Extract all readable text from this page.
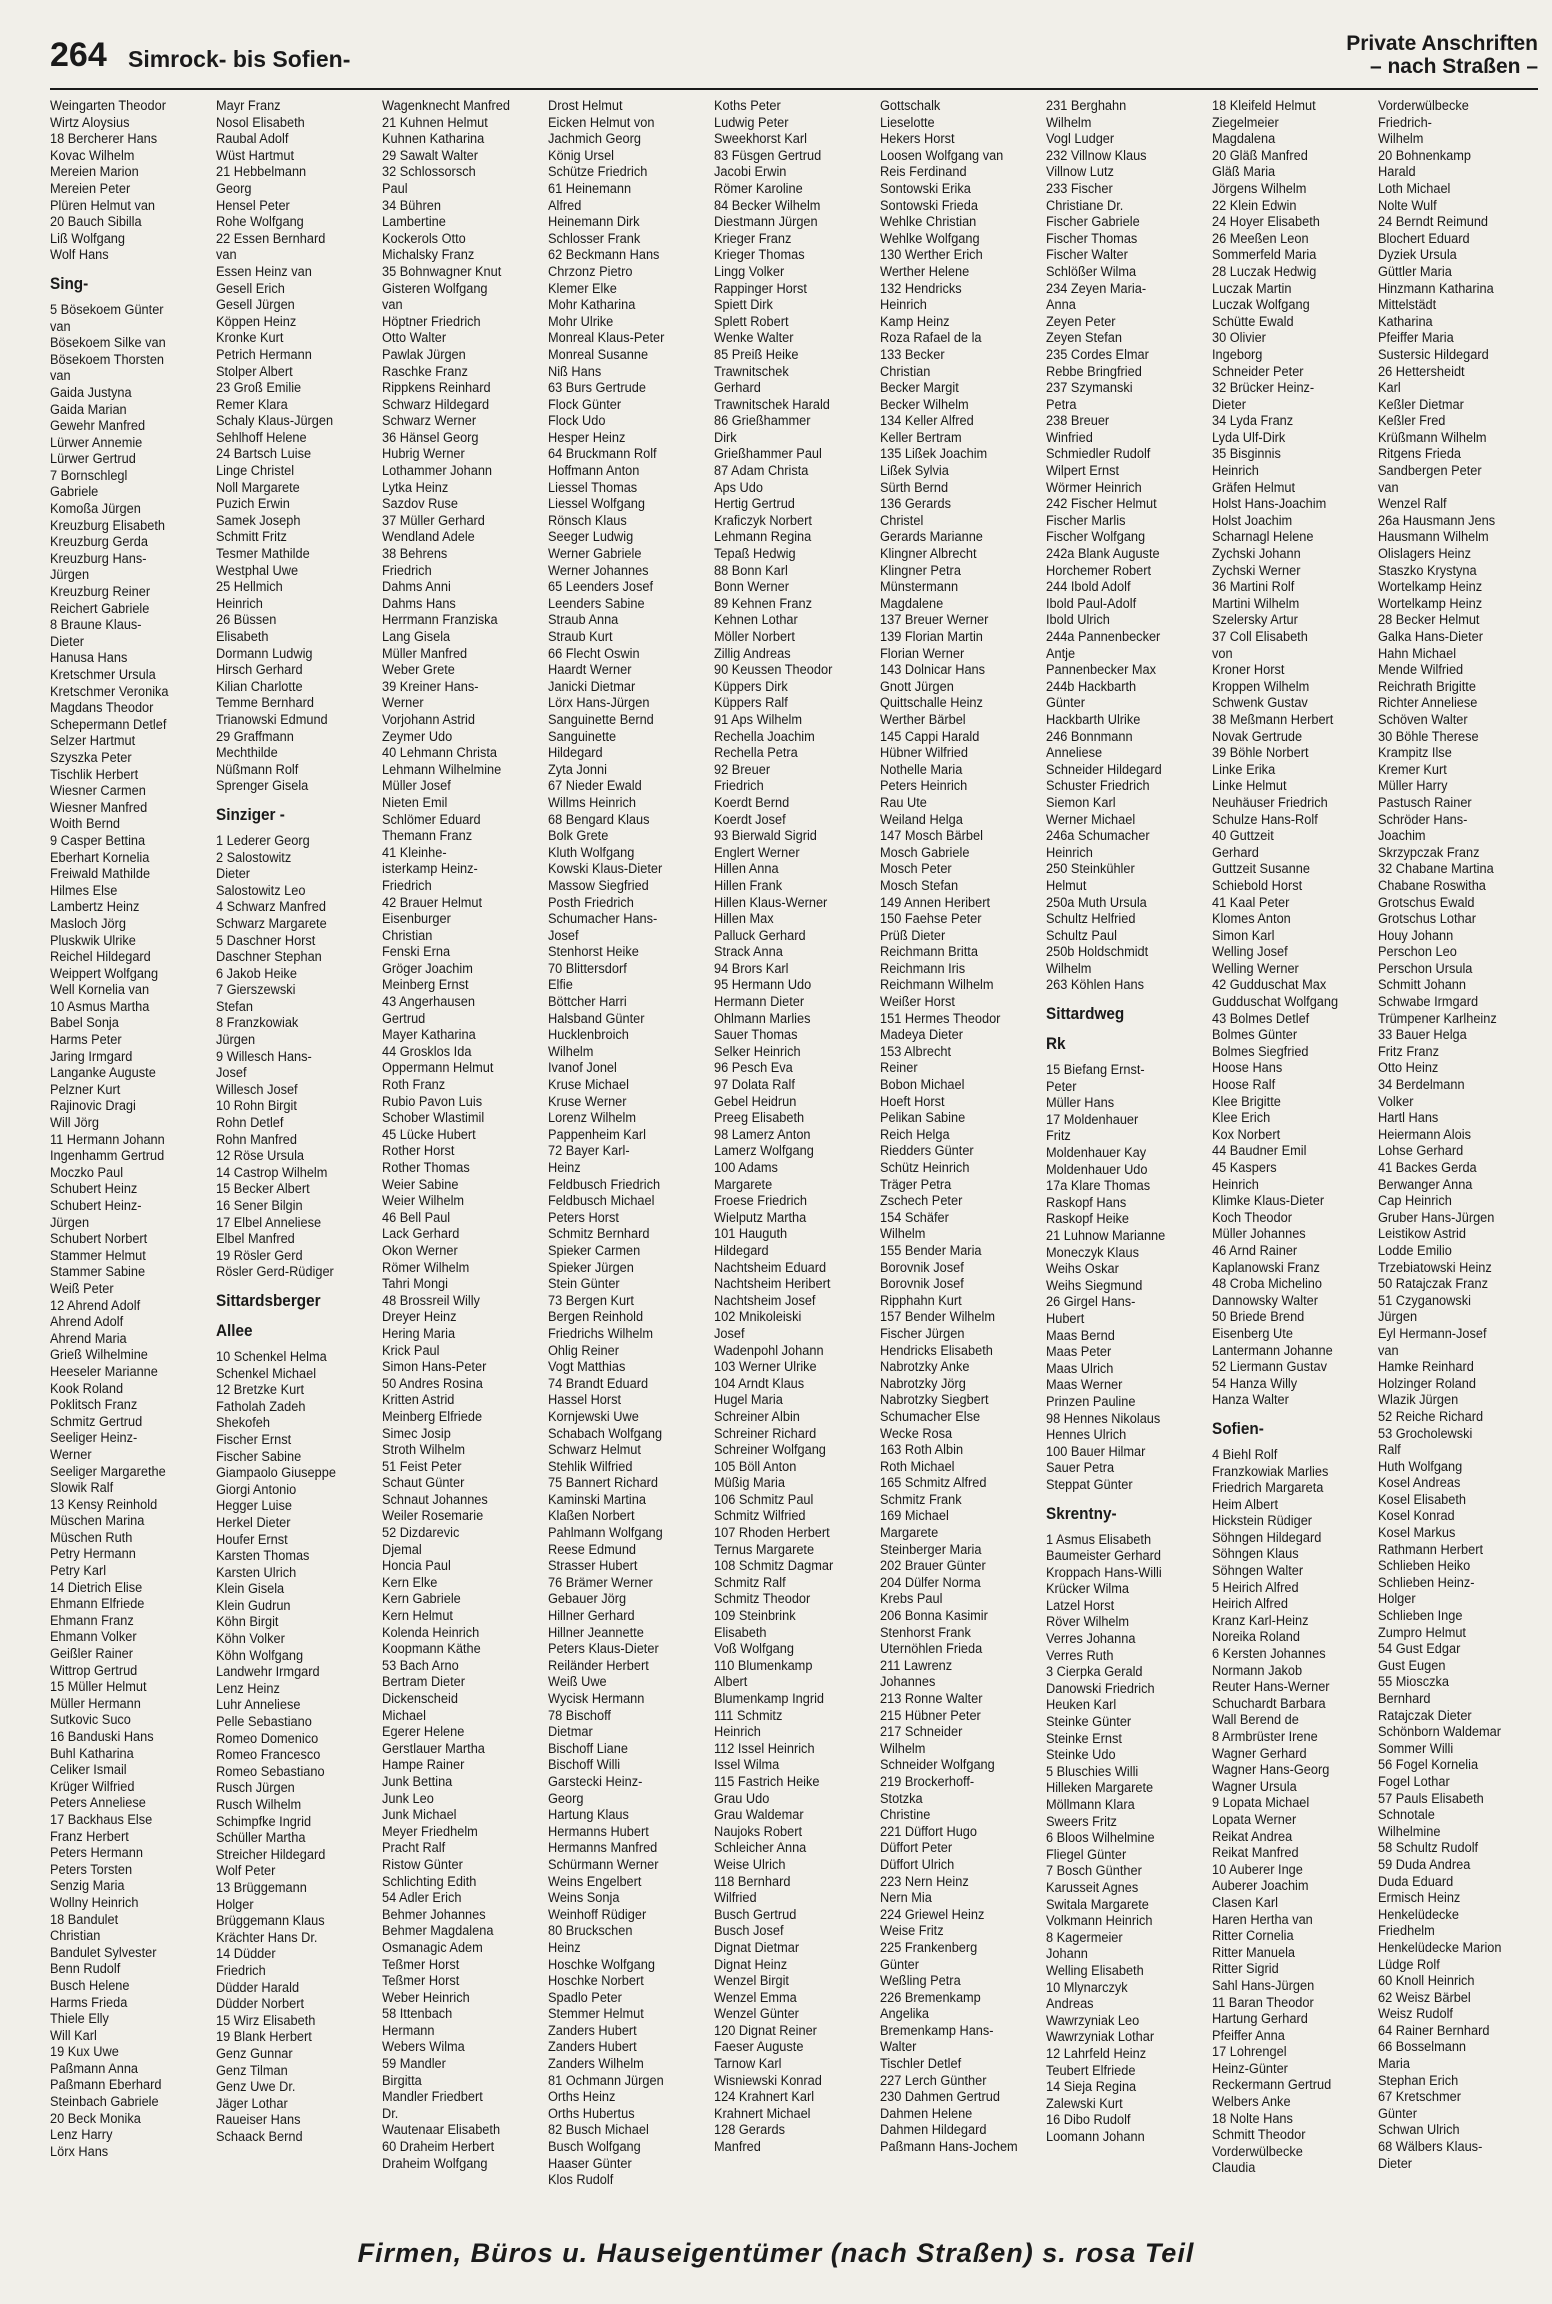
264 Simrock- bis Sofien-
Private Anschriften
– nach Straßen –
Weingarten Theodor
Wirtz Aloysius
18 Bercherer Hans
Kovac Wilhelm
Mereien Marion
Mereien Peter
Plüren Helmut van
20 Bauch Sibilla
Liß Wolfgang
Wolf Hans
Sing-
5 Bösekoem Günter
van
Bösekoem Silke van
Bösekoem Thorsten
van
Gaida Justyna
Gaida Marian
Gewehr Manfred
Lürwer Annemie
Lürwer Gertrud
7 Bornschlegl
Gabriele
Komoßa Jürgen
Kreuzburg Elisabeth
Kreuzburg Gerda
Kreuzburg Hans-
Jürgen
Kreuzburg Reiner
Reichert Gabriele
8 Braune Klaus-
Dieter
Hanusa Hans
Kretschmer Ursula
Kretschmer Veronika
Magdans Theodor
Schepermann Detlef
Selzer Hartmut
Szyszka Peter
Tischlik Herbert
Wiesner Carmen
Wiesner Manfred
Woith Bernd
9 Casper Bettina
Eberhart Kornelia
Freiwald Mathilde
Hilmes Else
Lambertz Heinz
Masloch Jörg
Pluskwik Ulrike
Reichel Hildegard
Weippert Wolfgang
Well Kornelia van
10 Asmus Martha
Babel Sonja
Harms Peter
Jaring Irmgard
Langanke Auguste
Pelzner Kurt
Rajinovic Dragi
Will Jörg
11 Hermann Johann
Ingenhamm Gertrud
Moczko Paul
Schubert Heinz
Schubert Heinz-
Jürgen
Schubert Norbert
Stammer Helmut
Stammer Sabine
Weiß Peter
12 Ahrend Adolf
Ahrend Adolf
Ahrend Maria
Grieß Wilhelmine
Heeseler Marianne
Kook Roland
Poklitsch Franz
Schmitz Gertrud
Seeliger Heinz-
Werner
Seeliger Margarethe
Slowik Ralf
13 Kensy Reinhold
Müschen Marina
Müschen Ruth
Petry Hermann
Petry Karl
14 Dietrich Elise
Ehmann Elfriede
Ehmann Franz
Ehmann Volker
Geißler Rainer
Wittrop Gertrud
15 Müller Helmut
Müller Hermann
Sutkovic Suco
16 Banduski Hans
Buhl Katharina
Celiker Ismail
Krüger Wilfried
Peters Anneliese
17 Backhaus Else
Franz Herbert
Peters Hermann
Peters Torsten
Senzig Maria
Wollny Heinrich
18 Bandulet
Christian
Bandulet Sylvester
Benn Rudolf
Busch Helene
Harms Frieda
Thiele Elly
Will Karl
19 Kux Uwe
Paßmann Anna
Paßmann Eberhard
Steinbach Gabriele
20 Beck Monika
Lenz Harry
Lörx Hans
Mayr Franz
Nosol Elisabeth
Raubal Adolf
Wüst Hartmut
21 Hebbelmann
Georg
Hensel Peter
Rohe Wolfgang
22 Essen Bernhard
van
Essen Heinz van
Gesell Erich
Gesell Jürgen
Köppen Heinz
Kronke Kurt
Petrich Hermann
Stolper Albert
23 Groß Emilie
Remer Klara
Schaly Klaus-Jürgen
Sehlhoff Helene
24 Bartsch Luise
Linge Christel
Noll Margarete
Puzich Erwin
Samek Joseph
Schmitt Fritz
Tesmer Mathilde
Westphal Uwe
25 Hellmich
Heinrich
26 Büssen
Elisabeth
Dormann Ludwig
Hirsch Gerhard
Kilian Charlotte
Temme Bernhard
Trianowski Edmund
29 Graffmann
Mechthilde
Nüßmann Rolf
Sprenger Gisela
Sinziger -
1 Lederer Georg
2 Salostowitz
Dieter
Salostowitz Leo
4 Schwarz Manfred
Schwarz Margarete
5 Daschner Horst
Daschner Stephan
6 Jakob Heike
7 Gierszewski
Stefan
8 Franzkowiak
Jürgen
9 Willesch Hans-
Josef
Willesch Josef
10 Rohn Birgit
Rohn Detlef
Rohn Manfred
12 Röse Ursula
14 Castrop Wilhelm
15 Becker Albert
16 Sener Bilgin
17 Elbel Anneliese
Elbel Manfred
19 Rösler Gerd
Rösler Gerd-Rüdiger
Sittardsberger
Allee
10 Schenkel Helma
Schenkel Michael
12 Bretzke Kurt
Fatholah Zadeh
Shekofeh
Fischer Ernst
Fischer Sabine
Giampaolo Giuseppe
Giorgi Antonio
Hegger Luise
Herkel Dieter
Houfer Ernst
Karsten Thomas
Karsten Ulrich
Klein Gisela
Klein Gudrun
Köhn Birgit
Köhn Volker
Köhn Wolfgang
Landwehr Irmgard
Lenz Heinz
Luhr Anneliese
Pelle Sebastiano
Romeo Domenico
Romeo Francesco
Romeo Sebastiano
Rusch Jürgen
Rusch Wilhelm
Schimpfke Ingrid
Schüller Martha
Streicher Hildegard
Wolf Peter
13 Brüggemann
Holger
Brüggemann Klaus
Krächter Hans Dr.
14 Düdder
Friedrich
Düdder Harald
Düdder Norbert
15 Wirz Elisabeth
19 Blank Herbert
Genz Gunnar
Genz Tilman
Genz Uwe Dr.
Jäger Lothar
Raueiser Hans
Schaack Bernd
Wagenknecht Manfred
21 Kuhnen Helmut
Kuhnen Katharina
29 Sawalt Walter
32 Schlossorsch
Paul
34 Bühren
Lambertine
Kockerols Otto
Michalsky Franz
35 Bohnwagner Knut
Gisteren Wolfgang
van
Höptner Friedrich
Otto Walter
Pawlak Jürgen
Raschke Franz
Rippkens Reinhard
Schwarz Hildegard
Schwarz Werner
36 Hänsel Georg
Hubrig Werner
Lothammer Johann
Lytka Heinz
Sazdov Ruse
37 Müller Gerhard
Wendland Adele
38 Behrens
Friedrich
Dahms Anni
Dahms Hans
Herrmann Franziska
Lang Gisela
Müller Manfred
Weber Grete
39 Kreiner Hans-
Werner
Vorjohann Astrid
Zeymer Udo
40 Lehmann Christa
Lehmann Wilhelmine
Müller Josef
Nieten Emil
Schlömer Eduard
Themann Franz
41 Kleinhe-
isterkamp Heinz-
Friedrich
42 Brauer Helmut
Eisenburger
Christian
Fenski Erna
Gröger Joachim
Meinberg Ernst
43 Angerhausen
Gertrud
Mayer Katharina
44 Grosklos Ida
Oppermann Helmut
Roth Franz
Rubio Pavon Luis
Schober Wlastimil
45 Lücke Hubert
Rother Horst
Rother Thomas
Weier Sabine
Weier Wilhelm
46 Bell Paul
Lack Gerhard
Okon Werner
Römer Wilhelm
Tahri Mongi
48 Brossreil Willy
Dreyer Heinz
Hering Maria
Krick Paul
Simon Hans-Peter
50 Andres Rosina
Kritten Astrid
Meinberg Elfriede
Simec Josip
Stroth Wilhelm
51 Feist Peter
Schaut Günter
Schnaut Johannes
Weiler Rosemarie
52 Dizdarevic
Djemal
Honcia Paul
Kern Elke
Kern Gabriele
Kern Helmut
Kolenda Heinrich
Koopmann Käthe
53 Bach Arno
Bertram Dieter
Dickenscheid
Michael
Egerer Helene
Gerstlauer Martha
Hampe Rainer
Junk Bettina
Junk Leo
Junk Michael
Meyer Friedhelm
Pracht Ralf
Ristow Günter
Schlichting Edith
54 Adler Erich
Behmer Johannes
Behmer Magdalena
Osmanagic Adem
Teßmer Horst
Teßmer Horst
Weber Heinrich
58 Ittenbach
Hermann
Webers Wilma
59 Mandler
Birgitta
Mandler Friedbert
Dr.
Wautenaar Elisabeth
60 Draheim Herbert
Draheim Wolfgang
Drost Helmut
Eicken Helmut von
Jachmich Georg
König Ursel
Schütze Friedrich
61 Heinemann
Alfred
Heinemann Dirk
Schlosser Frank
62 Beckmann Hans
Chrzonz Pietro
Klemer Elke
Mohr Katharina
Mohr Ulrike
Monreal Klaus-Peter
Monreal Susanne
Niß Hans
63 Burs Gertrude
Flock Günter
Flock Udo
Hesper Heinz
64 Bruckmann Rolf
Hoffmann Anton
Liessel Thomas
Liessel Wolfgang
Rönsch Klaus
Seeger Ludwig
Werner Gabriele
Werner Johannes
65 Leenders Josef
Leenders Sabine
Straub Anna
Straub Kurt
66 Flecht Oswin
Haardt Werner
Janicki Dietmar
Lörx Hans-Jürgen
Sanguinette Bernd
Sanguinette
Hildegard
Zyta Jonni
67 Nieder Ewald
Willms Heinrich
68 Bengard Klaus
Bolk Grete
Kluth Wolfgang
Kowski Klaus-Dieter
Massow Siegfried
Posth Friedrich
Schumacher Hans-
Josef
Stenhorst Heike
70 Blittersdorf
Elfie
Böttcher Harri
Halsband Günter
Hucklenbroich
Wilhelm
Ivanof Jonel
Kruse Michael
Kruse Werner
Lorenz Wilhelm
Pappenheim Karl
72 Bayer Karl-
Heinz
Feldbusch Friedrich
Feldbusch Michael
Peters Horst
Schmitz Bernhard
Spieker Carmen
Spieker Jürgen
Stein Günter
73 Bergen Kurt
Bergen Reinhold
Friedrichs Wilhelm
Ohlig Reiner
Vogt Matthias
74 Brandt Eduard
Hassel Horst
Kornjewski Uwe
Schabach Wolfgang
Schwarz Helmut
Stehlik Wilfried
75 Bannert Richard
Kaminski Martina
Klaßen Norbert
Pahlmann Wolfgang
Reese Edmund
Strasser Hubert
76 Brämer Werner
Gebauer Jörg
Hillner Gerhard
Hillner Jeannette
Peters Klaus-Dieter
Reiländer Herbert
Weiß Uwe
Wycisk Hermann
78 Bischoff
Dietmar
Bischoff Liane
Bischoff Willi
Garstecki Heinz-
Georg
Hartung Klaus
Hermanns Hubert
Hermanns Manfred
Schürmann Werner
Weins Engelbert
Weins Sonja
Weinhoff Rüdiger
80 Bruckschen
Heinz
Hoschke Wolfgang
Hoschke Norbert
Spadlo Peter
Stemmer Helmut
Zanders Hubert
Zanders Hubert
Zanders Wilhelm
81 Ochmann Jürgen
Orths Heinz
Orths Hubertus
82 Busch Michael
Busch Wolfgang
Haaser Günter
Klos Rudolf
Koths Peter
Ludwig Peter
Sweekhorst Karl
83 Füsgen Gertrud
Jacobi Erwin
Römer Karoline
84 Becker Wilhelm
Diestmann Jürgen
Krieger Franz
Krieger Thomas
Lingg Volker
Rappinger Horst
Spiett Dirk
Splett Robert
Wenke Walter
85 Preiß Heike
Trawnitschek
Gerhard
Trawnitschek Harald
86 Grießhammer
Dirk
Grießhammer Paul
87 Adam Christa
Aps Udo
Hertig Gertrud
Kraficzyk Norbert
Lehmann Regina
Tepaß Hedwig
88 Bonn Karl
Bonn Werner
89 Kehnen Franz
Kehnen Lothar
Möller Norbert
Zillig Andreas
90 Keussen Theodor
Küppers Dirk
Küppers Ralf
91 Aps Wilhelm
Rechella Joachim
Rechella Petra
92 Breuer
Friedrich
Koerdt Bernd
Koerdt Josef
93 Bierwald Sigrid
Englert Werner
Hillen Anna
Hillen Frank
Hillen Klaus-Werner
Hillen Max
Palluck Gerhard
Strack Anna
94 Brors Karl
95 Hermann Udo
Hermann Dieter
Ohlmann Marlies
Sauer Thomas
Selker Heinrich
96 Pesch Eva
97 Dolata Ralf
Gebel Heidrun
Preeg Elisabeth
98 Lamerz Anton
Lamerz Wolfgang
100 Adams
Margarete
Froese Friedrich
Wielputz Martha
101 Hauguth
Hildegard
Nachtsheim Eduard
Nachtsheim Heribert
Nachtsheim Josef
102 Mnikoleiski
Josef
Wadenpohl Johann
103 Werner Ulrike
104 Arndt Klaus
Hugel Maria
Schreiner Albin
Schreiner Richard
Schreiner Wolfgang
105 Böll Anton
Müßig Maria
106 Schmitz Paul
Schmitz Wilfried
107 Rhoden Herbert
Ternus Margarete
108 Schmitz Dagmar
Schmitz Ralf
Schmitz Theodor
109 Steinbrink
Elisabeth
Voß Wolfgang
110 Blumenkamp
Albert
Blumenkamp Ingrid
111 Schmitz
Heinrich
112 Issel Heinrich
Issel Wilma
115 Fastrich Heike
Grau Udo
Grau Waldemar
Naujoks Robert
Schleicher Anna
Weise Ulrich
118 Bernhard
Wilfried
Busch Gertrud
Busch Josef
Dignat Dietmar
Dignat Heinz
Wenzel Birgit
Wenzel Emma
Wenzel Günter
120 Dignat Reiner
Faeser Auguste
Tarnow Karl
Wisniewski Konrad
124 Krahnert Karl
Krahnert Michael
128 Gerards
Manfred
Gottschalk
Lieselotte
Hekers Horst
Loosen Wolfgang van
Reis Ferdinand
Sontowski Erika
Sontowski Frieda
Wehlke Christian
Wehlke Wolfgang
130 Werther Erich
Werther Helene
132 Hendricks
Heinrich
Kamp Heinz
Roza Rafael de la
133 Becker
Christian
Becker Margit
Becker Wilhelm
134 Keller Alfred
Keller Bertram
135 Lißek Joachim
Lißek Sylvia
Sürth Bernd
136 Gerards
Christel
Gerards Marianne
Klingner Albrecht
Klingner Petra
Münstermann
Magdalene
137 Breuer Werner
139 Florian Martin
Florian Werner
143 Dolnicar Hans
Gnott Jürgen
Quittschalle Heinz
Werther Bärbel
145 Cappi Harald
Hübner Wilfried
Nothelle Maria
Peters Heinrich
Rau Ute
Weiland Helga
147 Mosch Bärbel
Mosch Gabriele
Mosch Peter
Mosch Stefan
149 Annen Heribert
150 Faehse Peter
Prüß Dieter
Reichmann Britta
Reichmann Iris
Reichmann Wilhelm
Weißer Horst
151 Hermes Theodor
Madeya Dieter
153 Albrecht
Reiner
Bobon Michael
Hoeft Horst
Pelikan Sabine
Reich Helga
Riedders Günter
Schütz Heinrich
Träger Petra
Zschech Peter
154 Schäfer
Wilhelm
155 Bender Maria
Borovnik Josef
Borovnik Josef
Ripphahn Kurt
157 Bender Wilhelm
Fischer Jürgen
Hendricks Elisabeth
Nabrotzky Anke
Nabrotzky Jörg
Nabrotzky Siegbert
Schumacher Else
Wecke Rosa
163 Roth Albin
Roth Michael
165 Schmitz Alfred
Schmitz Frank
169 Michael
Margarete
Steinberger Maria
202 Brauer Günter
204 Dülfer Norma
Krebs Paul
206 Bonna Kasimir
Stenhorst Frank
Uternöhlen Frieda
211 Lawrenz
Johannes
213 Ronne Walter
215 Hübner Peter
217 Schneider
Wilhelm
Schneider Wolfgang
219 Brockerhoff-
Stotzka
Christine
221 Düffort Hugo
Düffort Peter
Düffort Ulrich
223 Nern Heinz
Nern Mia
224 Griewel Heinz
Weise Fritz
225 Frankenberg
Günter
Weßling Petra
226 Bremenkamp
Angelika
Bremenkamp Hans-
Walter
Tischler Detlef
227 Lerch Günther
230 Dahmen Gertrud
Dahmen Helene
Dahmen Hildegard
Paßmann Hans-Jochem
231 Berghahn
Wilhelm
Vogl Ludger
232 Villnow Klaus
Villnow Lutz
233 Fischer
Christiane Dr.
Fischer Gabriele
Fischer Thomas
Fischer Walter
Schlößer Wilma
234 Zeyen Maria-
Anna
Zeyen Peter
Zeyen Stefan
235 Cordes Elmar
Rebbe Bringfried
237 Szymanski
Petra
238 Breuer
Winfried
Schmiedler Rudolf
Wilpert Ernst
Wörmer Heinrich
242 Fischer Helmut
Fischer Marlis
Fischer Wolfgang
242a Blank Auguste
Horchemer Robert
244 Ibold Adolf
Ibold Paul-Adolf
Ibold Ulrich
244a Pannenbecker
Antje
Pannenbecker Max
244b Hackbarth
Günter
Hackbarth Ulrike
246 Bonnmann
Anneliese
Schneider Hildegard
Schuster Friedrich
Siemon Karl
Werner Michael
246a Schumacher
Heinrich
250 Steinkühler
Helmut
250a Muth Ursula
Schultz Helfried
Schultz Paul
250b Holdschmidt
Wilhelm
263 Köhlen Hans
Sittardweg
Rk
15 Biefang Ernst-
Peter
Müller Hans
17 Moldenhauer
Fritz
Moldenhauer Kay
Moldenhauer Udo
17a Klare Thomas
Raskopf Hans
Raskopf Heike
21 Luhnow Marianne
Moneczyk Klaus
Weihs Oskar
Weihs Siegmund
26 Girgel Hans-
Hubert
Maas Bernd
Maas Peter
Maas Ulrich
Maas Werner
Prinzen Pauline
98 Hennes Nikolaus
Hennes Ulrich
100 Bauer Hilmar
Sauer Petra
Steppat Günter
Skrentny-
1 Asmus Elisabeth
Baumeister Gerhard
Kroppach Hans-Willi
Krücker Wilma
Latzel Horst
Röver Wilhelm
Verres Johanna
Verres Ruth
3 Cierpka Gerald
Danowski Friedrich
Heuken Karl
Steinke Günter
Steinke Ernst
Steinke Udo
5 Bluschies Willi
Hilleken Margarete
Möllmann Klara
Sweers Fritz
6 Bloos Wilhelmine
Fliegel Günter
7 Bosch Günther
Karusseit Agnes
Switala Margarete
Volkmann Heinrich
8 Kagermeier
Johann
Welling Elisabeth
10 Mlynarczyk
Andreas
Wawrzyniak Leo
Wawrzyniak Lothar
12 Lahrfeld Heinz
Teubert Elfriede
14 Sieja Regina
Zalewski Kurt
16 Dibo Rudolf
Loomann Johann
18 Kleifeld Helmut
Ziegelmeier
Magdalena
20 Gläß Manfred
Gläß Maria
Jörgens Wilhelm
22 Klein Edwin
24 Hoyer Elisabeth
26 Meeßen Leon
Sommerfeld Maria
28 Luczak Hedwig
Luczak Martin
Luczak Wolfgang
Schütte Ewald
30 Olivier
Ingeborg
Schneider Peter
32 Brücker Heinz-
Dieter
34 Lyda Franz
Lyda Ulf-Dirk
35 Bisginnis
Heinrich
Gräfen Helmut
Holst Hans-Joachim
Holst Joachim
Scharnagl Helene
Zychski Johann
Zychski Werner
36 Martini Rolf
Martini Wilhelm
Szelersky Artur
37 Coll Elisabeth
von
Kroner Horst
Kroppen Wilhelm
Schwenk Gustav
38 Meßmann Herbert
Novak Gertrude
39 Böhle Norbert
Linke Erika
Linke Helmut
Neuhäuser Friedrich
Schulze Hans-Rolf
40 Guttzeit
Gerhard
Guttzeit Susanne
Schiebold Horst
41 Kaal Peter
Klomes Anton
Simon Karl
Welling Josef
Welling Werner
42 Gudduschat Max
Gudduschat Wolfgang
43 Bolmes Detlef
Bolmes Günter
Bolmes Siegfried
Hoose Hans
Hoose Ralf
Klee Brigitte
Klee Erich
Kox Norbert
44 Baudner Emil
45 Kaspers
Heinrich
Klimke Klaus-Dieter
Koch Theodor
Müller Johannes
46 Arnd Rainer
Kaplanowski Franz
48 Croba Michelino
Dannowsky Walter
50 Briede Brend
Eisenberg Ute
Lantermann Johanne
52 Liermann Gustav
54 Hanza Willy
Hanza Walter
Sofien-
4 Biehl Rolf
Franzkowiak Marlies
Friedrich Margareta
Heim Albert
Hickstein Rüdiger
Söhngen Hildegard
Söhngen Klaus
Söhngen Walter
5 Heirich Alfred
Heirich Alfred
Kranz Karl-Heinz
Noreika Roland
6 Kersten Johannes
Normann Jakob
Reuter Hans-Werner
Schuchardt Barbara
Wall Berend de
8 Armbrüster Irene
Wagner Gerhard
Wagner Hans-Georg
Wagner Ursula
9 Lopata Michael
Lopata Werner
Reikat Andrea
Reikat Manfred
10 Auberer Inge
Auberer Joachim
Clasen Karl
Haren Hertha van
Ritter Cornelia
Ritter Manuela
Ritter Sigrid
Sahl Hans-Jürgen
11 Baran Theodor
Hartung Gerhard
Pfeiffer Anna
17 Lohrengel
Heinz-Günter
Reckermann Gertrud
Welbers Anke
18 Nolte Hans
Schmitt Theodor
Vorderwülbecke
Claudia
Vorderwülbecke
Friedrich-
Wilhelm
20 Bohnenkamp
Harald
Loth Michael
Nolte Wulf
24 Berndt Reimund
Blochert Eduard
Dyziek Ursula
Güttler Maria
Hinzmann Katharina
Mittelstädt
Katharina
Pfeiffer Maria
Sustersic Hildegard
26 Hettersheidt
Karl
Keßler Dietmar
Keßler Fred
Krüßmann Wilhelm
Ritgens Frieda
Sandbergen Peter
van
Wenzel Ralf
26a Hausmann Jens
Hausmann Wilhelm
Olislagers Heinz
Staszko Krystyna
Wortelkamp Heinz
Wortelkamp Heinz
28 Becker Helmut
Galka Hans-Dieter
Hahn Michael
Mende Wilfried
Reichrath Brigitte
Richter Anneliese
Schöven Walter
30 Böhle Therese
Krampitz Ilse
Kremer Kurt
Müller Harry
Pastusch Rainer
Schröder Hans-
Joachim
Skrzypczak Franz
32 Chabane Martina
Chabane Roswitha
Grotschus Ewald
Grotschus Lothar
Houy Johann
Perschon Leo
Perschon Ursula
Schmitt Johann
Schwabe Irmgard
Trümpener Karlheinz
33 Bauer Helga
Fritz Franz
Otto Heinz
34 Berdelmann
Volker
Hartl Hans
Heiermann Alois
Lohse Gerhard
41 Backes Gerda
Berwanger Anna
Cap Heinrich
Gruber Hans-Jürgen
Leistikow Astrid
Lodde Emilio
Trzebiatowski Heinz
50 Ratajczak Franz
51 Czyganowski
Jürgen
Eyl Hermann-Josef
van
Hamke Reinhard
Holzinger Roland
Wlazik Jürgen
52 Reiche Richard
53 Grocholewski
Ralf
Huth Wolfgang
Kosel Andreas
Kosel Elisabeth
Kosel Konrad
Kosel Markus
Rathmann Herbert
Schlieben Heiko
Schlieben Heinz-
Holger
Schlieben Inge
Zumpro Helmut
54 Gust Edgar
Gust Eugen
55 Miosczka
Bernhard
Ratajczak Dieter
Schönborn Waldemar
Sommer Willi
56 Fogel Kornelia
Fogel Lothar
57 Pauls Elisabeth
Schnotale
Wilhelmine
58 Schultz Rudolf
59 Duda Andrea
Duda Eduard
Ermisch Heinz
Henkelüdecke
Friedhelm
Henkelüdecke Marion
Lüdge Rolf
60 Knoll Heinrich
62 Weisz Bärbel
Weisz Rudolf
64 Rainer Bernhard
66 Bosselmann
Maria
Stephan Erich
67 Kretschmer
Günter
Schwan Ulrich
68 Wälbers Klaus-
Dieter
Firmen, Büros u. Hauseigentümer (nach Straßen) s. rosa Teil
